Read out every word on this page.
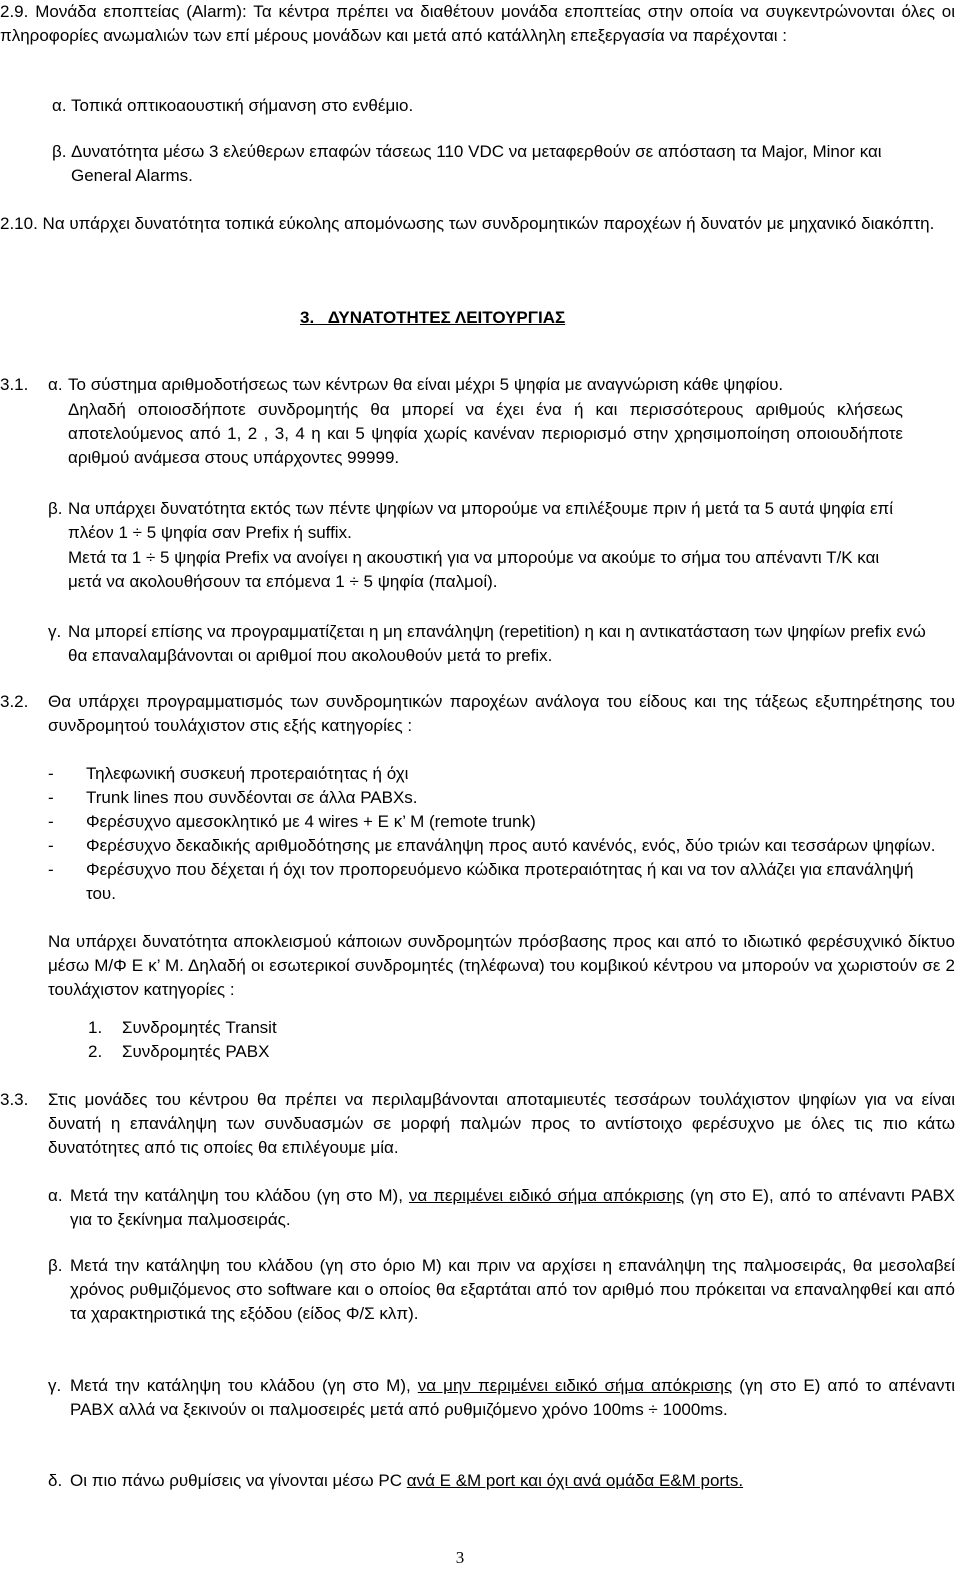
2.9. Μονάδα εποπτείας (Alarm): Τα κέντρα πρέπει να διαθέτουν μονάδα εποπτείας στην οποία να συγκεντρώνονται όλες οι πληροφορίες ανωμαλιών των επί μέρους μονάδων και μετά από κατάλληλη επεξεργασία να παρέχονται :
α. Τοπικά οπτικοαουστική σήμανση στο ενθέμιο.
β. Δυνατότητα μέσω 3 ελεύθερων επαφών τάσεως 110 VDC να μεταφερθούν σε απόσταση τα Major, Minor και General Alarms.
2.10. Να υπάρχει δυνατότητα τοπικά εύκολης απομόνωσης των συνδρομητικών παροχέων ή δυνατόν με μηχανικό διακόπτη.
3.   ΔΥΝΑΤΟΤΗΤΕΣ ΛΕΙΤΟΥΡΓΙΑΣ
3.1.	α. Το σύστημα αριθμοδοτήσεως των κέντρων θα είναι μέχρι 5 ψηφία με αναγνώριση κάθε ψηφίου.
Δηλαδή οποιοσδήποτε συνδρομητής θα μπορεί να έχει ένα ή και περισσότερους αριθμούς κλήσεως αποτελούμενος από 1, 2 , 3, 4 η και 5 ψηφία χωρίς κανέναν περιορισμό στην χρησιμοποίηση οποιουδήποτε αριθμού ανάμεσα στους υπάρχοντες 99999.
β. Να υπάρχει δυνατότητα εκτός των πέντε ψηφίων να μπορούμε να επιλέξουμε πριν ή μετά τα 5 αυτά ψηφία επί πλέον 1 ÷ 5 ψηφία σαν Prefix ή suffix.
Μετά τα 1 ÷ 5 ψηφία Prefix να ανοίγει η ακουστική για να μπορούμε να ακούμε το σήμα του απέναντι Τ/Κ και μετά να ακολουθήσουν τα επόμενα 1 ÷ 5 ψηφία (παλμοί).
γ. Να μπορεί επίσης να προγραμματίζεται η μη επανάληψη (repetition) η και η αντικατάσταση των ψηφίων prefix ενώ θα επαναλαμβάνονται οι αριθμοί που ακολουθούν μετά το prefix.
3.2.	Θα υπάρχει προγραμματισμός των συνδρομητικών παροχέων ανάλογα του είδους και της τάξεως εξυπηρέτησης του συνδρομητού τουλάχιστον στις εξής κατηγορίες :
-	Τηλεφωνική συσκευή προτεραιότητας ή όχι
-	Trunk lines που συνδέονται σε άλλα PABXs.
-	Φερέσυχνο αμεσοκλητικό με 4 wires + E κ’ M (remote trunk)
-	Φερέσυχνο δεκαδικής αριθμοδότησης με επανάληψη προς αυτό κανένός, ενός, δύο τριών και τεσσάρων ψηφίων.
-	Φερέσυχνο που δέχεται ή όχι τον προπορευόμενο κώδικα προτεραιότητας ή και να τον αλλάζει για επανάληψή του.
Να υπάρχει δυνατότητα αποκλεισμού κάποιων συνδρομητών πρόσβασης προς και από το ιδιωτικό φερέσυχνικό δίκτυο μέσω Μ/Φ Ε κ’ Μ. Δηλαδή οι εσωτερικοί συνδρομητές (τηλέφωνα) του κομβικού κέντρου να μπορούν να χωριστούν σε 2 τουλάχιστον κατηγορίες :
1.	Συνδρομητές Transit
2.	Συνδρομητές PABX
3.3.	Στις μονάδες του κέντρου θα πρέπει να περιλαμβάνονται αποταμιευτές τεσσάρων τουλάχιστον ψηφίων για να είναι δυνατή η επανάληψη των συνδυασμών σε μορφή παλμών προς το αντίστοιχο φερέσυχνο με όλες τις πιο κάτω δυνατότητες από τις οποίες θα επιλέγουμε μία.
α. Μετά την κατάληψη του κλάδου (γη στο Μ), να περιμένει ειδικό σήμα απόκρισης (γη στο Ε), από το απέναντι PABX για το ξεκίνημα παλμοσειράς.
β. Μετά την κατάληψη του κλάδου (γη στο όριο Μ) και πριν να αρχίσει η επανάληψη της παλμοσειράς, θα μεσολαβεί χρόνος ρυθμιζόμενος στο software και ο οποίος θα εξαρτάται από τον αριθμό που πρόκειται να επαναληφθεί και από τα χαρακτηριστικά της εξόδου (είδος Φ/Σ κλπ).
γ. Μετά την κατάληψη του κλάδου (γη στο Μ), να μην περιμένει ειδικό σήμα απόκρισης (γη στο Ε) από το απέναντι PABX αλλά να ξεκινούν οι παλμοσειρές μετά από ρυθμιζόμενο χρόνο 100ms ÷ 1000ms.
δ. Οι πιο πάνω ρυθμίσεις να γίνονται μέσω PC ανά Ε &Μ port και όχι ανά ομάδα Ε&Μ ports.
3
